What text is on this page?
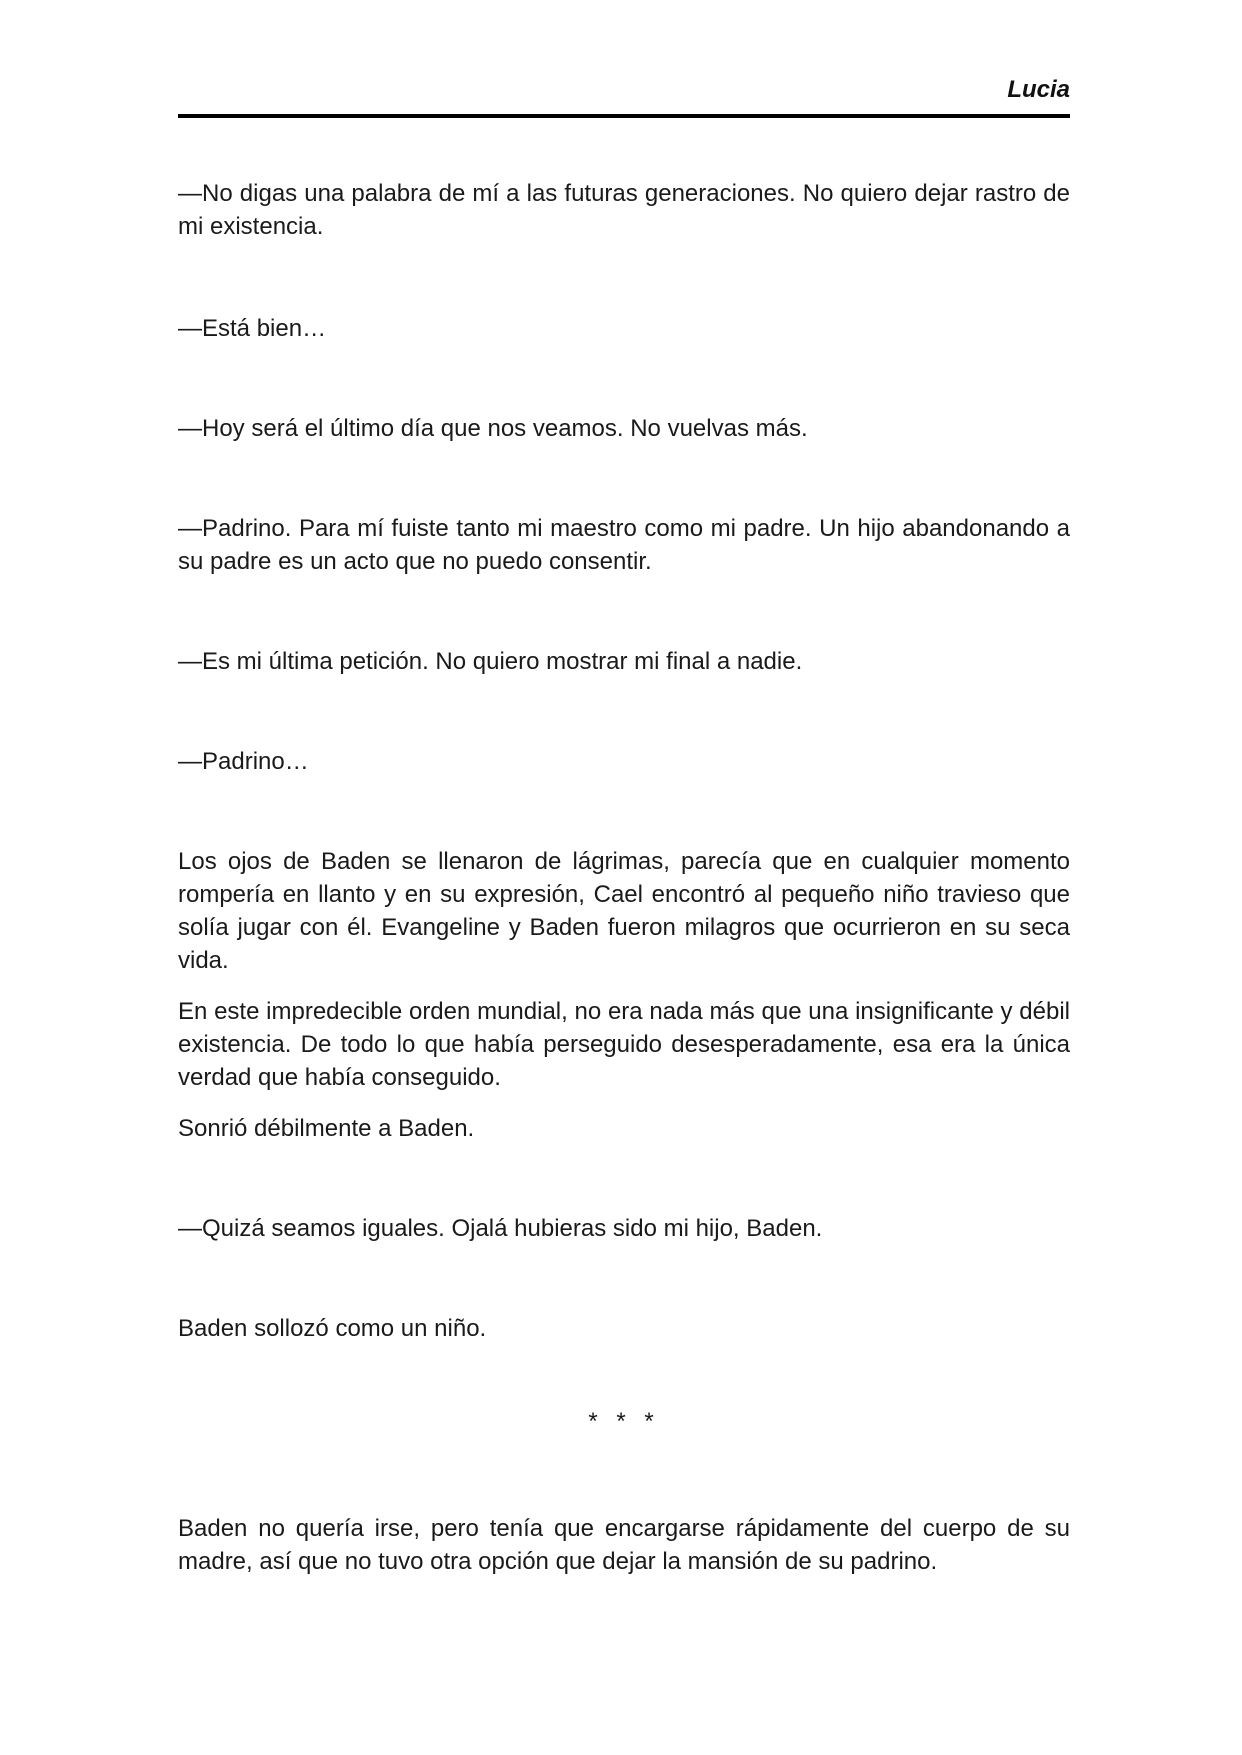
Lucia

—No digas una palabra de mí a las futuras generaciones. No quiero dejar rastro de mi existencia.

—Está bien…

—Hoy será el último día que nos veamos. No vuelvas más.

—Padrino. Para mí fuiste tanto mi maestro como mi padre. Un hijo abandonando a su padre es un acto que no puedo consentir.

—Es mi última petición. No quiero mostrar mi final a nadie.

—Padrino…

Los ojos de Baden se llenaron de lágrimas, parecía que en cualquier momento rompería en llanto y en su expresión, Cael encontró al pequeño niño travieso que solía jugar con él. Evangeline y Baden fueron milagros que ocurrieron en su seca vida.

En este impredecible orden mundial, no era nada más que una insignificante y débil existencia. De todo lo que había perseguido desesperadamente, esa era la única verdad que había conseguido.

Sonrió débilmente a Baden.

—Quizá seamos iguales. Ojalá hubieras sido mi hijo, Baden.

Baden sollozó como un niño.

* * *

Baden no quería irse, pero tenía que encargarse rápidamente del cuerpo de su madre, así que no tuvo otra opción que dejar la mansión de su padrino.
